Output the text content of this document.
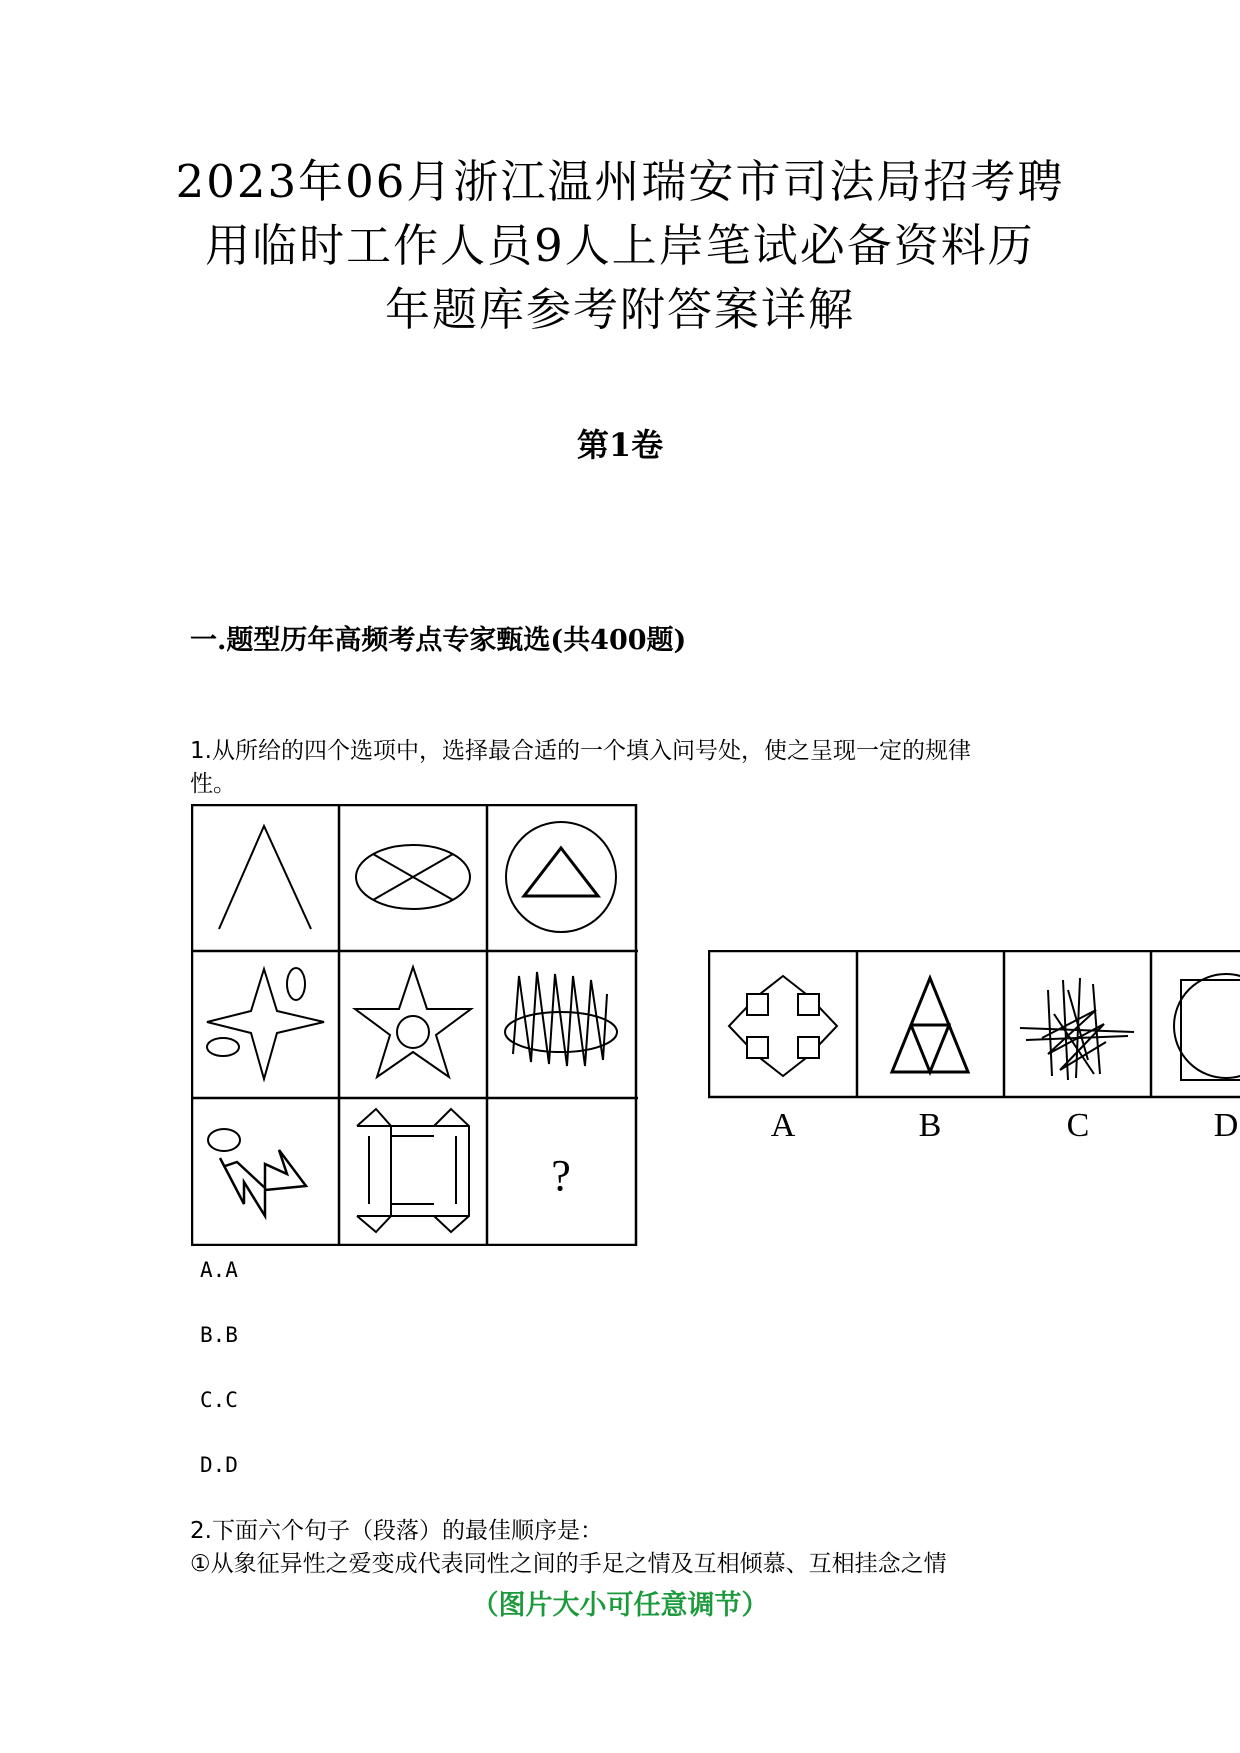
2023年06月浙江温州瑞安市司法局招考聘
用临时工作人员9人上岸笔试必备资料历
年题库参考附答案详解
第1卷
一.题型历年高频考点专家甄选(共400题)
1.从所给的四个选项中，选择最合适的一个填入问号处，使之呈现一定的规律
性。
?
A	B	C	D
A.A
B.B
C.C
D.D
2.下面六个句子（段落）的最佳顺序是：
①从象征异性之爱变成代表同性之间的手足之情及互相倾慕、互相挂念之情
（图片大小可任意调节）
